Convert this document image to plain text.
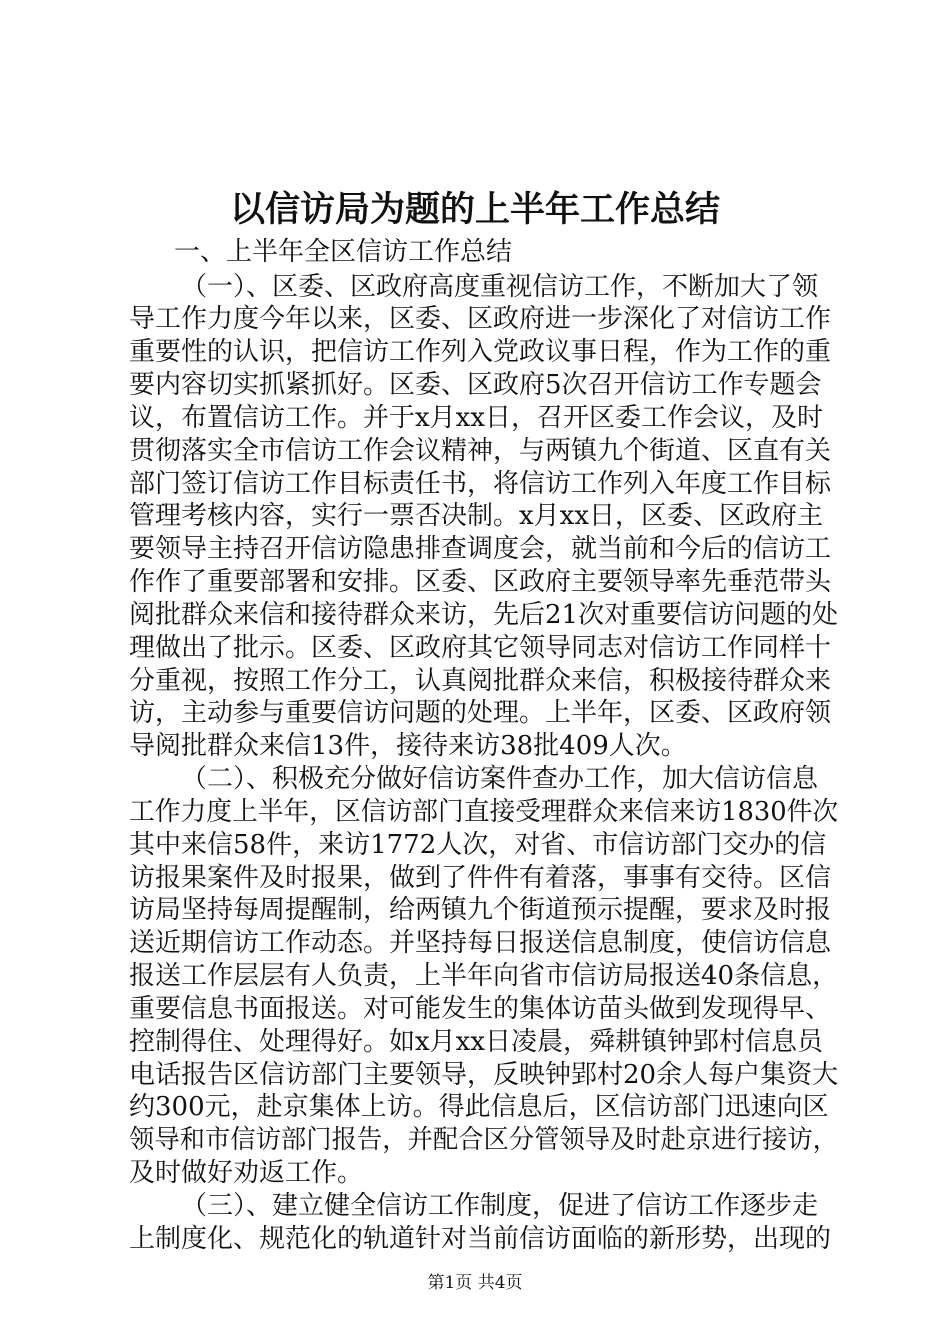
以信访局为题的上半年工作总结

一、上半年全区信访工作总结

（一）、区委、区政府高度重视信访工作，不断加大了领

导工作力度今年以来，区委、区政府进一步深化了对信访工作

重要性的认识，把信访工作列入党政议事日程，作为工作的重

要内容切实抓紧抓好。区委、区政府5次召开信访工作专题会

议，布置信访工作。并于x月xx日，召开区委工作会议，及时

贯彻落实全市信访工作会议精神，与两镇九个街道、区直有关

部门签订信访工作目标责任书，将信访工作列入年度工作目标

管理考核内容，实行一票否决制。x月xx日，区委、区政府主

要领导主持召开信访隐患排查调度会，就当前和今后的信访工

作作了重要部署和安排。区委、区政府主要领导率先垂范带头

阅批群众来信和接待群众来访，先后21次对重要信访问题的处

理做出了批示。区委、区政府其它领导同志对信访工作同样十

分重视，按照工作分工，认真阅批群众来信，积极接待群众来

访，主动参与重要信访问题的处理。上半年，区委、区政府领

导阅批群众来信13件，接待来访38批409人次。

（二）、积极充分做好信访案件查办工作，加大信访信息

工作力度上半年，区信访部门直接受理群众来信来访1830件次

其中来信58件，来访1772人次，对省、市信访部门交办的信

访报果案件及时报果，做到了件件有着落，事事有交待。区信

访局坚持每周提醒制，给两镇九个街道预示提醒，要求及时报

送近期信访工作动态。并坚持每日报送信息制度，使信访信息

报送工作层层有人负责，上半年向省市信访局报送40条信息，

重要信息书面报送。对可能发生的集体访苗头做到发现得早、

控制得住、处理得好。如x月xx日凌晨，舜耕镇钟郢村信息员

电话报告区信访部门主要领导，反映钟郢村20余人每户集资大

约300元，赴京集体上访。得此信息后，区信访部门迅速向区

领导和市信访部门报告，并配合区分管领导及时赴京进行接访，

及时做好劝返工作。

（三）、建立健全信访工作制度，促进了信访工作逐步走

上制度化、规范化的轨道针对当前信访面临的新形势，出现的

第1页 共4页
